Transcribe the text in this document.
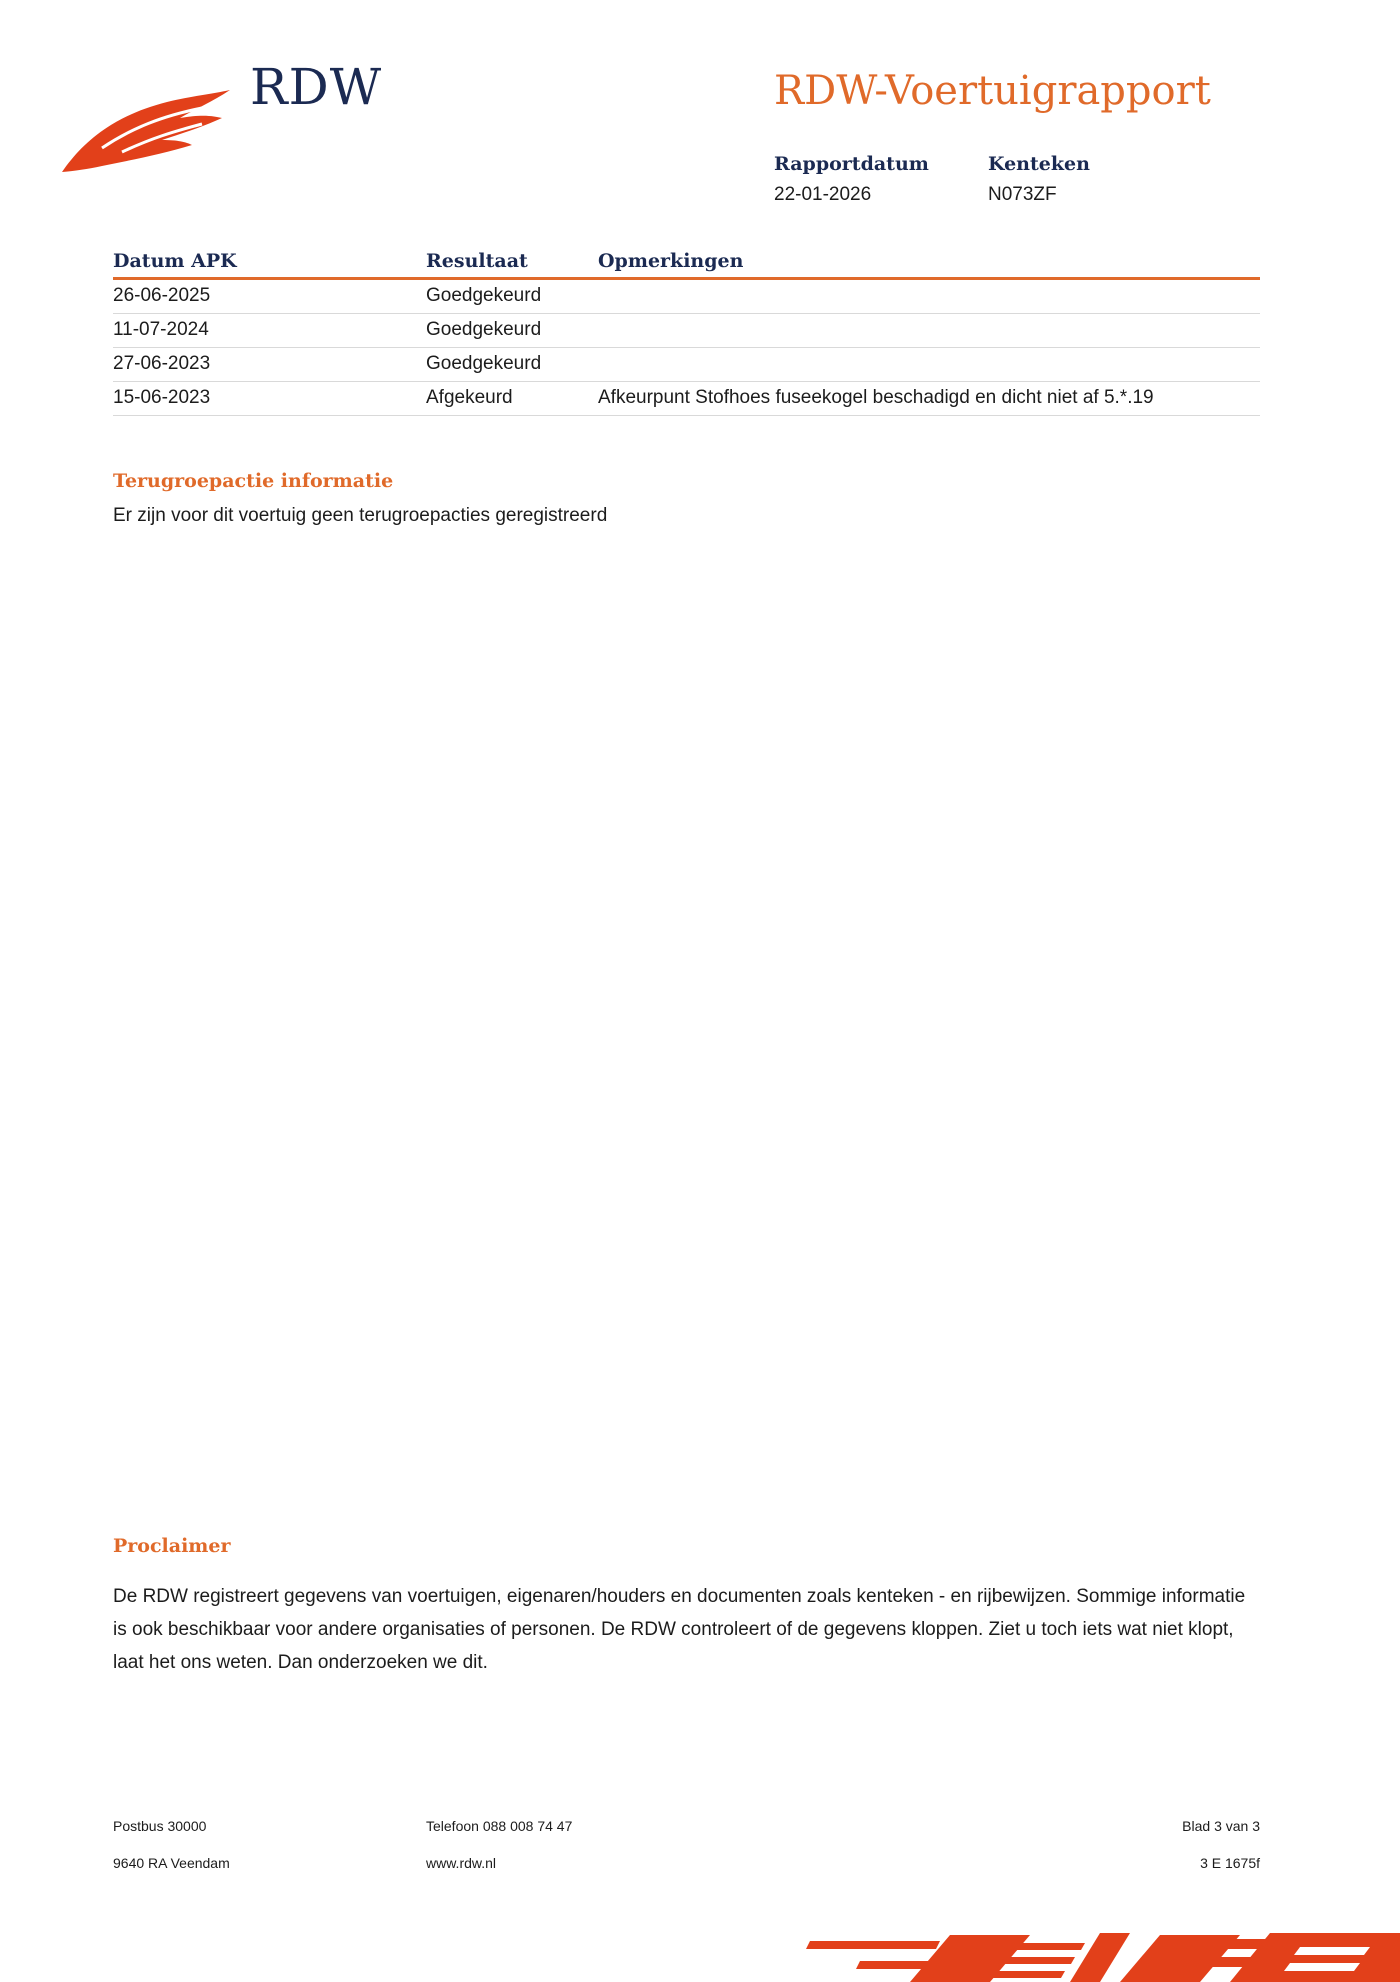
RDW	RDW-Voertuigrapport
Rapportdatum
22-01-2026
Kenteken
N073ZF
Datum APK	Resultaat	Opmerkingen
26-06-2025	Goedgekeurd	
11-07-2024	Goedgekeurd	
27-06-2023	Goedgekeurd	
15-06-2023	Afgekeurd	Afkeurpunt Stofhoes fuseekogel beschadigd en dicht niet af 5.*.19
Terugroepactie informatie
Er zijn voor dit voertuig geen terugroepacties geregistreerd
Proclaimer
De RDW registreert gegevens van voertuigen, eigenaren/houders en documenten zoals kenteken - en rijbewijzen. Sommige informatie is ook beschikbaar voor andere organisaties of personen. De RDW controleert of de gegevens kloppen. Ziet u toch iets wat niet klopt, laat het ons weten. Dan onderzoeken we dit.
Postbus 30000
9640 RA Veendam
Telefoon 088 008 74 47
www.rdw.nl
Blad 3 van 3
3 E 1675f
